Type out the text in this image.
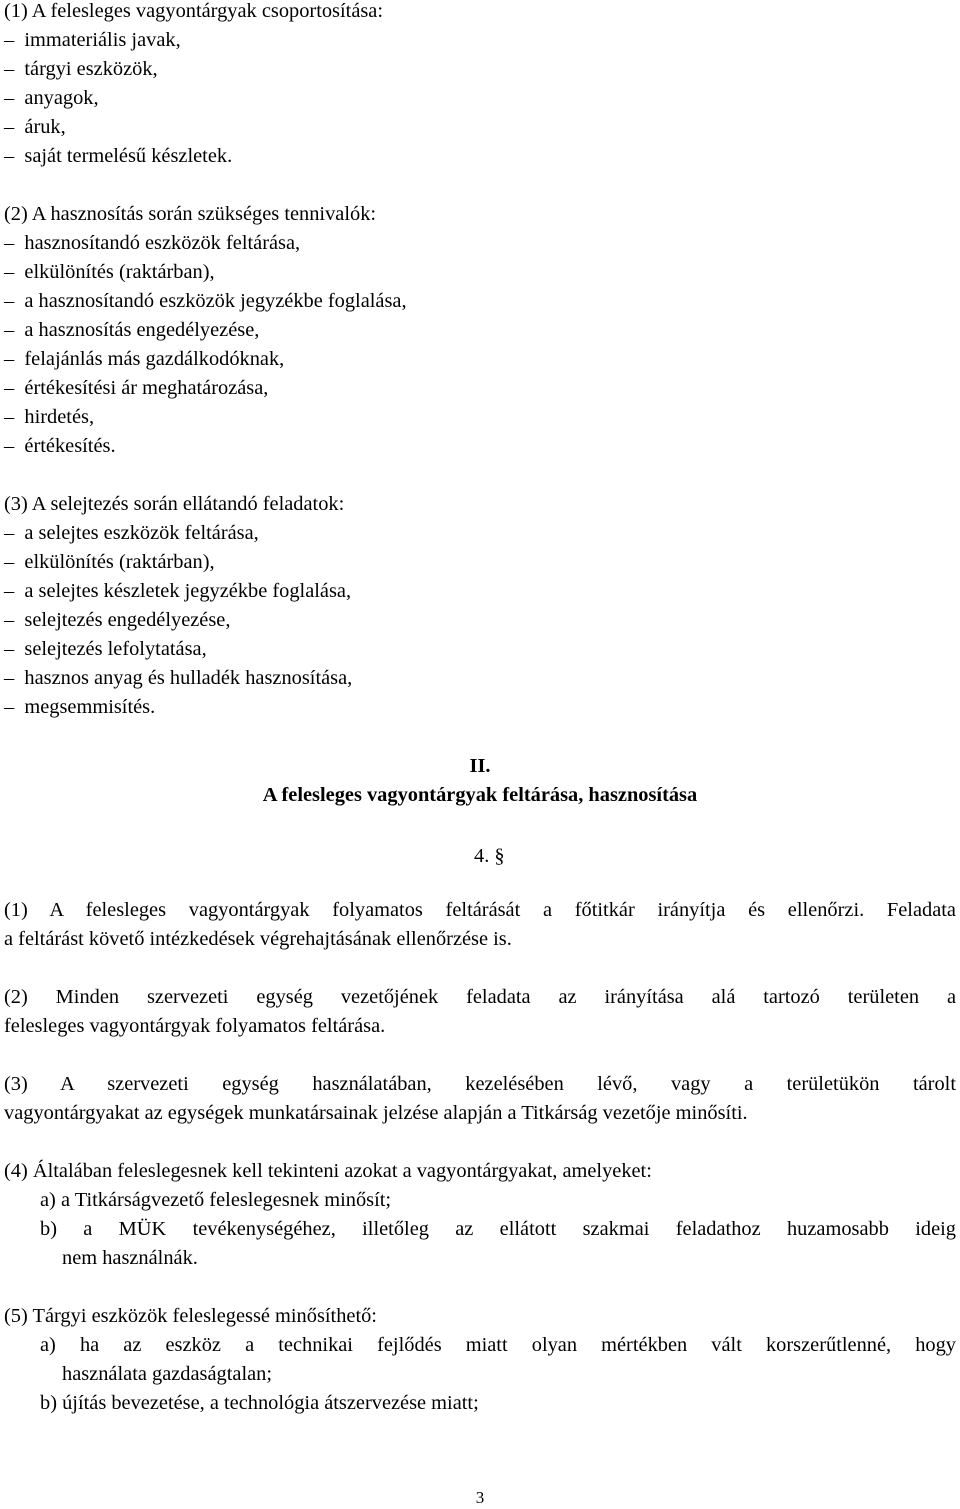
(1) A felesleges vagyontárgyak csoportosítása:
–  immateriális javak,
–  tárgyi eszközök,
–  anyagok,
–  áruk,
–  saját termelésű készletek.
(2) A hasznosítás során szükséges tennivalók:
–  hasznosítandó eszközök feltárása,
–  elkülönítés (raktárban),
–  a hasznosítandó eszközök jegyzékbe foglalása,
–  a hasznosítás engedélyezése,
–  felajánlás más gazdálkodóknak,
–  értékesítési ár meghatározása,
–  hirdetés,
–  értékesítés.
(3) A selejtezés során ellátandó feladatok:
–  a selejtes eszközök feltárása,
–  elkülönítés (raktárban),
–  a selejtes készletek jegyzékbe foglalása,
–  selejtezés engedélyezése,
–  selejtezés lefolytatása,
–  hasznos anyag és hulladék hasznosítása,
–  megsemmisítés.
II.
A felesleges vagyontárgyak feltárása, hasznosítása
4. §
(1) A felesleges vagyontárgyak folyamatos feltárását a főtitkár irányítja és ellenőrzi. Feladata
a feltárást követő intézkedések végrehajtásának ellenőrzése is.
(2) Minden szervezeti egység vezetőjének feladata az irányítása alá tartozó területen a
felesleges vagyontárgyak folyamatos feltárása.
(3) A szervezeti egység használatában, kezelésében lévő, vagy a területükön tárolt
vagyontárgyakat az egységek munkatársainak jelzése alapján a Titkárság vezetője minősíti.
(4) Általában feleslegesnek kell tekinteni azokat a vagyontárgyakat, amelyeket:
a) a Titkárságvezető feleslegesnek minősít;
b) a MÜK tevékenységéhez, illetőleg az ellátott szakmai feladathoz huzamosabb ideig
nem használnák.
(5) Tárgyi eszközök feleslegessé minősíthető:
a) ha az eszköz a technikai fejlődés miatt olyan mértékben vált korszerűtlenné, hogy
használata gazdaságtalan;
b) újítás bevezetése, a technológia átszervezése miatt;
3
